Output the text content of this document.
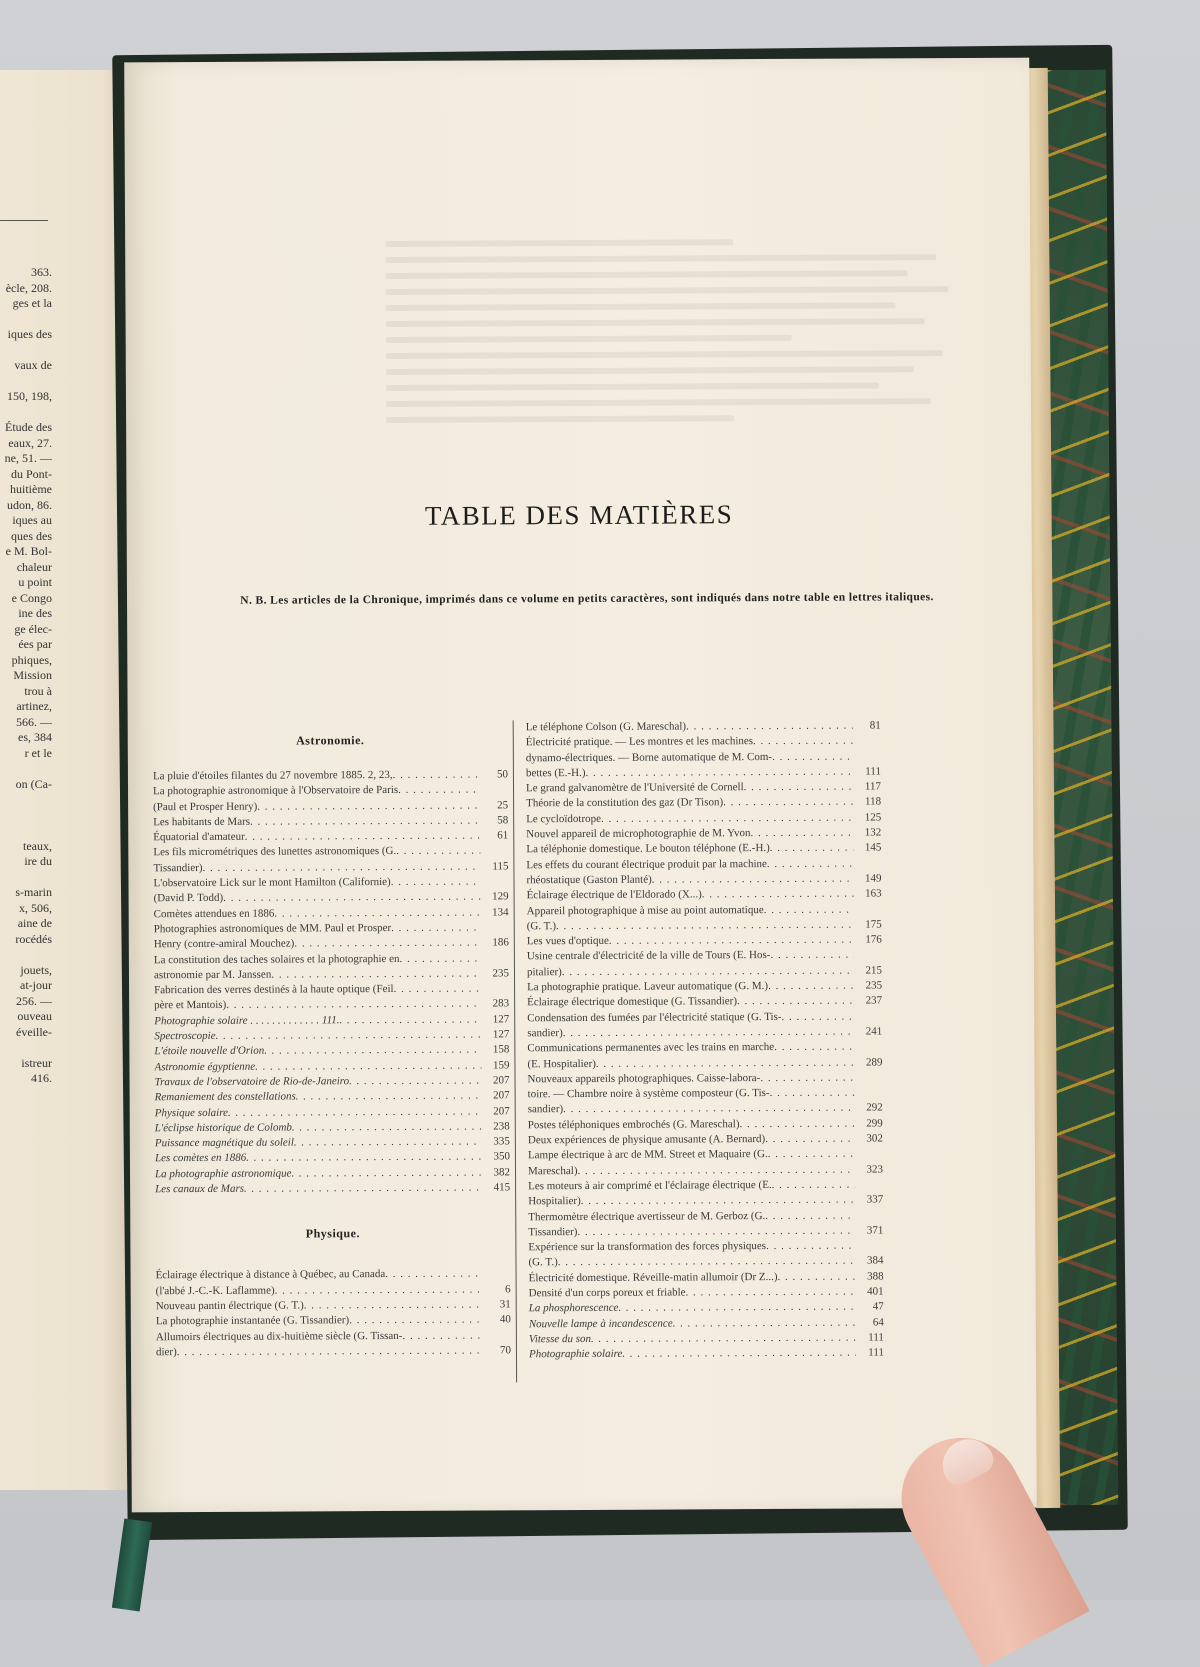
363.
ècle, 208.
ges et la
iques des
vaux de
150, 198,
Étude des
eaux, 27.
ne, 51. —
du Pont-
huitième
udon, 86.
iques au
ques des
e M. Bol-
chaleur
u point
e Congo
ine des
ge élec-
ées par
phiques,
Mission
trou à
artinez,
566. —
es, 384
r et le
on (Ca-
teaux,
ire du
s-marin
x, 506,
aine de
rocédés
jouets,
at-jour
256. —
ouveau
éveille-
istreur
416.
TABLE DES MATIÈRES
N. B. Les articles de la Chronique, imprimés dans ce volume en petits caractères, sont indiqués dans notre table en lettres italiques.
Astronomie.
La pluie d'étoiles filantes du 27 novembre 1885. 2, 23, . . .	50
La photographie astronomique à l'Observatoire de Paris . . .
(Paul et Prosper Henry) . . .	25
Les habitants de Mars . . .	58
Équatorial d'amateur . . .	61
Les fils micrométriques des lunettes astronomiques (G. . . .
Tissandier) . . .	115
L'observatoire Lick sur le mont Hamilton (Californie) . . .
(David P. Todd) . . .	129
Comètes attendues en 1886 . . .	134
Photographies astronomiques de MM. Paul et Prosper . . .
Henry (contre-amiral Mouchez) . . .	186
La constitution des taches solaires et la photographie en . . .
astronomie par M. Janssen . . .	235
Fabrication des verres destinés à la haute optique (Feil . . .
père et Mantois) . . .	283
Photographie solaire . . . . . . . . . . . . . 111. . . .	127
Spectroscopie . . .	127
L'étoile nouvelle d'Orion . . .	158
Astronomie égyptienne . . .	159
Travaux de l'observatoire de Rio-de-Janeiro . . .	207
Remaniement des constellations . . .	207
Physique solaire . . .	207
L'éclipse historique de Colomb . . .	238
Puissance magnétique du soleil . . .	335
Les comètes en 1886 . . .	350
La photographie astronomique . . .	382
Les canaux de Mars . . .	415
Physique.
Éclairage électrique à distance à Québec, au Canada . . .
(l'abbé J.-C.-K. Laflamme) . . .	6
Nouveau pantin électrique (G. T.) . . .	31
La photographie instantanée (G. Tissandier) . . .	40
Allumoirs électriques au dix-huitième siècle (G. Tissan- . . .
dier) . . .	70
Le téléphone Colson (G. Mareschal) . . .	81
Électricité pratique. — Les montres et les machines . . .
dynamo-électriques. — Borne automatique de M. Com- . . .
bettes (E.-H.) . . .	111
Le grand galvanomètre de l'Université de Cornell . . .	117
Théorie de la constitution des gaz (Dr Tison) . . .	118
Le cycloïdotrope . . .	125
Nouvel appareil de microphotographie de M. Yvon . . .	132
La téléphonie domestique. Le bouton téléphone (E.-H.) . . .	145
Les effets du courant électrique produit par la machine . . .
rhéostatique (Gaston Planté) . . .	149
Éclairage électrique de l'Eldorado (X...) . . .	163
Appareil photographique à mise au point automatique . . .
(G. T.) . . .	175
Les vues d'optique . . .	176
Usine centrale d'électricité de la ville de Tours (E. Hos- . . .
pitalier) . . .	215
La photographie pratique. Laveur automatique (G. M.) . . .	235
Éclairage électrique domestique (G. Tissandier) . . .	237
Condensation des fumées par l'électricité statique (G. Tis- . . .
sandier) . . .	241
Communications permanentes avec les trains en marche . . .
(E. Hospitalier) . . .	289
Nouveaux appareils photographiques. Caisse-labora- . . .
toire. — Chambre noire à système composteur (G. Tis- . . .
sandier) . . .	292
Postes téléphoniques embrochés (G. Mareschal) . . .	299
Deux expériences de physique amusante (A. Bernard) . . .	302
Lampe électrique à arc de MM. Street et Maquaire (G. . . .
Mareschal) . . .	323
Les moteurs à air comprimé et l'éclairage électrique (E. . . .
Hospitalier) . . .	337
Thermomètre électrique avertisseur de M. Gerboz (G. . . .
Tissandier) . . .	371
Expérience sur la transformation des forces physiques . . .
(G. T.) . . .	384
Électricité domestique. Réveille-matin allumoir (Dr Z...) . . .	388
Densité d'un corps poreux et friable . . .	401
La phosphorescence . . .	47
Nouvelle lampe à incandescence . . .	64
Vitesse du son . . .	111
Photographie solaire . . .	111
